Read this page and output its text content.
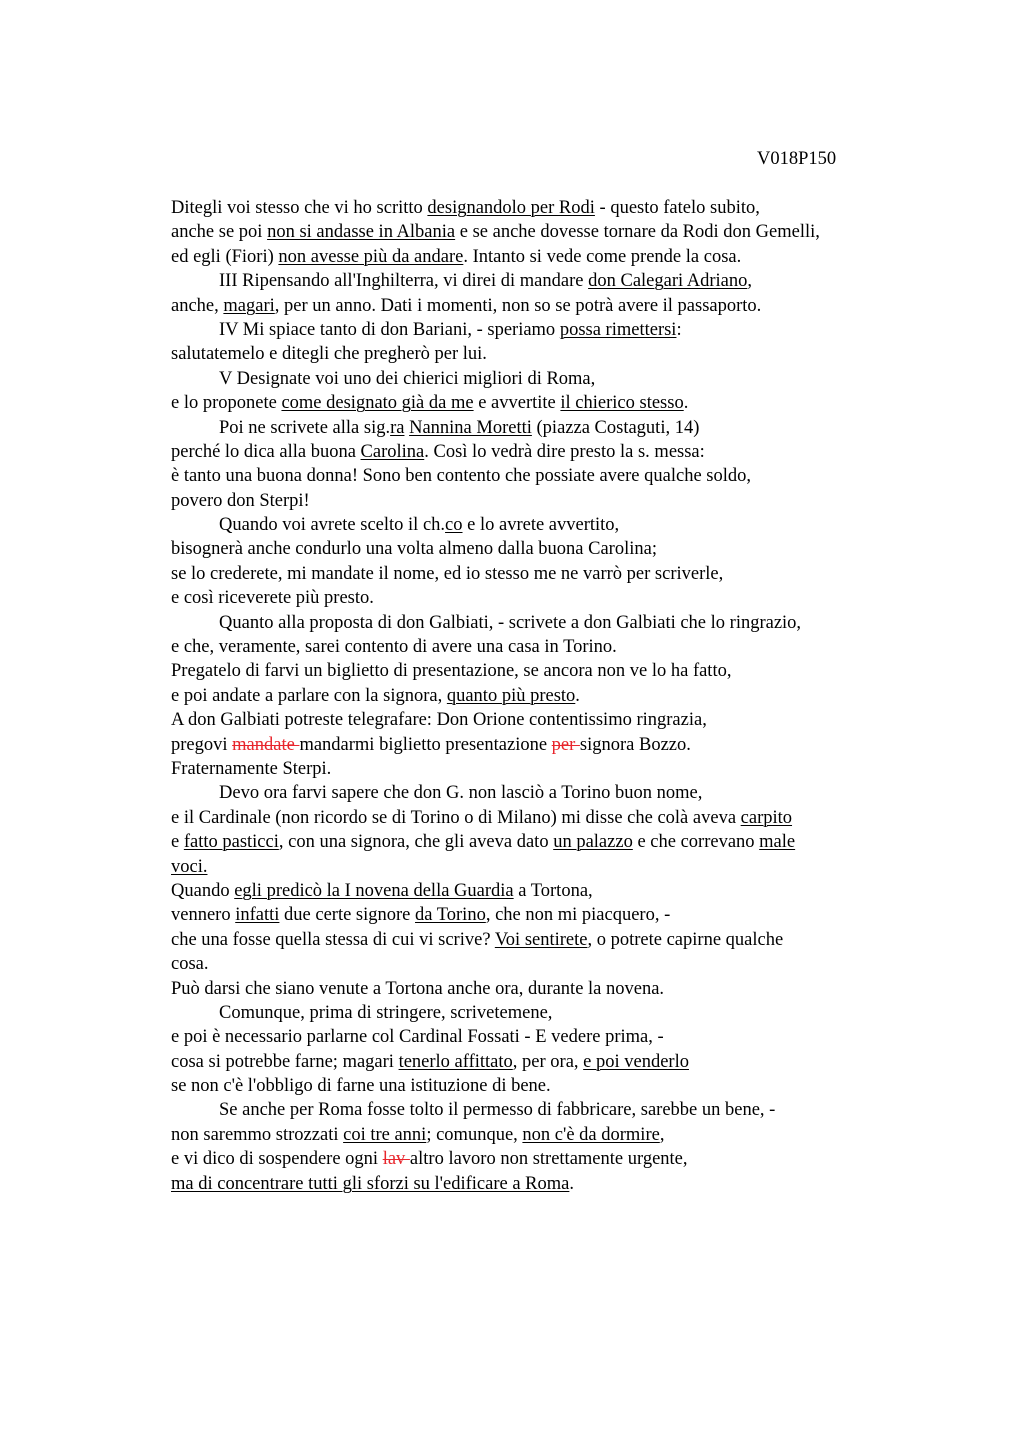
V018P150
Ditegli voi stesso che vi ho scritto designandolo per Rodi - questo fatelo subito,
anche se poi non si andasse in Albania e se anche dovesse tornare da Rodi don Gemelli,
ed egli (Fiori) non avesse più da andare. Intanto si vede come prende la cosa.
III Ripensando all'Inghilterra, vi direi di mandare don Calegari Adriano,
anche, magari, per un anno. Dati i momenti, non so se potrà avere il passaporto.
IV Mi spiace tanto di don Bariani, - speriamo possa rimettersi:
salutatemelo e ditegli che pregherò per lui.
V Designate voi uno dei chierici migliori di Roma,
e lo proponete come designato già da me e avvertite il chierico stesso.
Poi ne scrivete alla sig.ra Nannina Moretti (piazza Costaguti, 14)
perché lo dica alla buona Carolina. Così lo vedrà dire presto la s. messa:
è tanto una buona donna! Sono ben contento che possiate avere qualche soldo,
povero don Sterpi!
Quando voi avrete scelto il ch.co e lo avrete avvertito,
bisognerà anche condurlo una volta almeno dalla buona Carolina;
se lo crederete, mi mandate il nome, ed io stesso me ne varrò per scriverle,
e così riceverete più presto.
Quanto alla proposta di don Galbiati, - scrivete a don Galbiati che lo ringrazio,
e che, veramente, sarei contento di avere una casa in Torino.
Pregatelo di farvi un biglietto di presentazione, se ancora non ve lo ha fatto,
e poi andate a parlare con la signora, quanto più presto.
A don Galbiati potreste telegrafare: Don Orione contentissimo ringrazia,
pregovi mandate mandarmi biglietto presentazione per signora Bozzo.
Fraternamente Sterpi.
Devo ora farvi sapere che don G. non lasciò a Torino buon nome,
e il Cardinale (non ricordo se di Torino o di Milano) mi disse che colà aveva carpito
e fatto pasticci, con una signora, che gli aveva dato un palazzo e che correvano male
voci.
Quando egli predicò la I novena della Guardia a Tortona,
vennero infatti due certe signore da Torino, che non mi piacquero, -
che una fosse quella stessa di cui vi scrive? Voi sentirete, o potrete capirne qualche
cosa.
Può darsi che siano venute a Tortona anche ora, durante la novena.
Comunque, prima di stringere, scrivetemene,
e poi è necessario parlarne col Cardinal Fossati - E vedere prima, -
cosa si potrebbe farne; magari tenerlo affittato, per ora, e poi venderlo
se non c'è l'obbligo di farne una istituzione di bene.
Se anche per Roma fosse tolto il permesso di fabbricare, sarebbe un bene, -
non saremmo strozzati coi tre anni; comunque, non c'è da dormire,
e vi dico di sospendere ogni lav altro lavoro non strettamente urgente,
ma di concentrare tutti gli sforzi su l'edificare a Roma.
